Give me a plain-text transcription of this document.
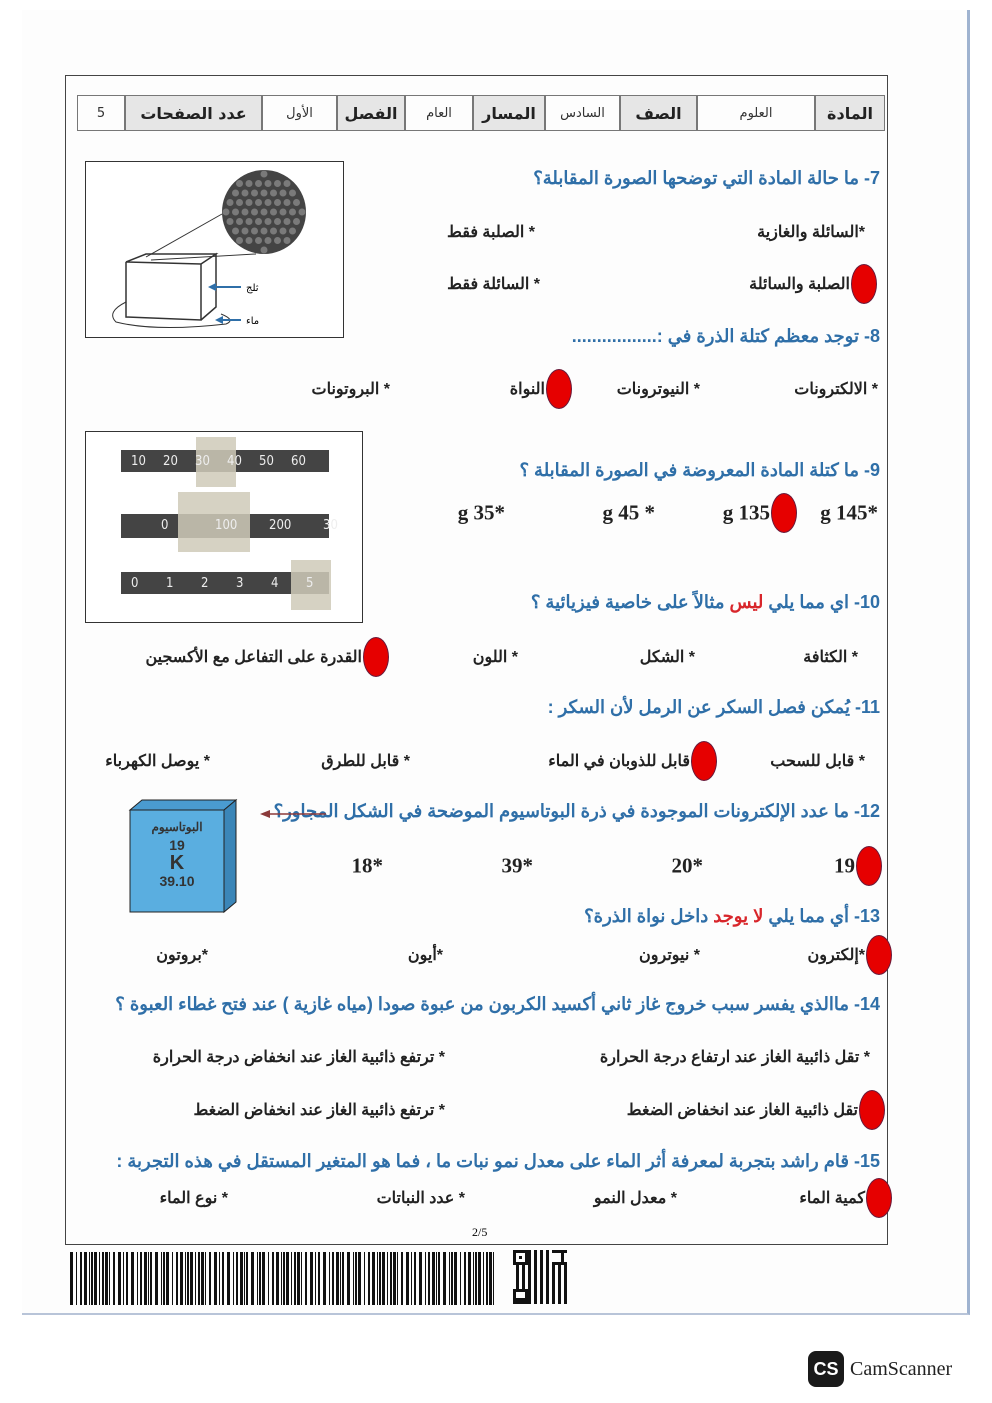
المادة
العلوم
الصف
السادس
المسار
العام
الفصل
الأول
عدد الصفحات
5
7- ما حالة المادة التي توضحها الصورة المقابلة؟
*السائلة والغازية
* الصلبة فقط
الصلبة والسائلة
* السائلة فقط
8- توجد معظم كتلة الذرة في :.................
* الالكترونات
* النيوترونات
النواة
* البروتونات
9- ما كتلة المادة المعروضة في الصورة المقابلة ؟
*145 g
135 g
* 45 g
*35 g
10- اي مما يلي ليس مثالاً على خاصية فيزيائية ؟
* الكثافة
* الشكل
* اللون
القدرة على التفاعل مع الأكسجين
11- يُمكن فصل السكر عن الرمل لأن السكر :
* قابل للسحب
قابل للذوبان في الماء
* قابل للطرق
* يوصل الكهرباء
12- ما عدد الإلكترونات الموجودة في ذرة البوتاسيوم الموضحة في الشكل المجاور؟
19
*20
*39
*18
13- أي مما يلي لا يوجد داخل نواة الذرة؟
*إلكترون
* نيوترون
*أيون
*بروتون
14- ماالذي يفسر سبب خروج غاز ثاني أكسيد الكربون من عبوة صودا (مياه غازية ) عند فتح غطاء العبوة ؟
* تقل ذائبية الغاز عند ارتفاع درجة الحرارة
* ترتفع ذائبية الغاز عند انخفاض درجة الحرارة
تقل ذائبية الغاز عند انخفاض الضغط
* ترتفع ذائبية الغاز عند انخفاض الضغط
15- قام راشد بتجربة لمعرفة أثر الماء على معدل نمو نبات ما ، فما هو المتغير المستقل في هذه التجربة :
كمية الماء
* معدل النمو
* عدد النباتات
* نوع الماء
ثلج
ماء
10 20 30 40 50 60
0	100 200 30
0 1 2 3 4 5
البوتاسيوم
19
K
39.10
2/5
CS CamScanner
